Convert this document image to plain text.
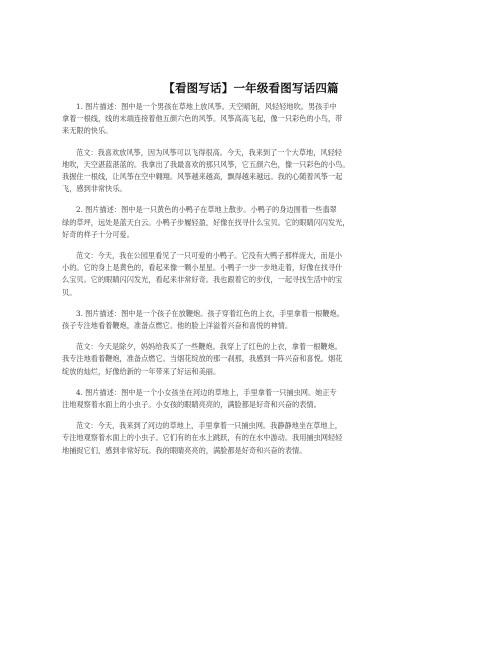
【看图写话】一年级看图写话四篇
1. 图片描述：图中是一个男孩在草地上放风筝。天空晴朗，风轻轻地吹。男孩手中
拿着一根线，线的末端连接着他五颜六色的风筝。风筝高高飞起，像一只彩色的小鸟，带
来无限的快乐。
范文：我喜欢放风筝，因为风筝可以飞得很高。今天，我来到了一个大草地，风轻轻
地吹，天空湛蓝湛蓝的。我拿出了我最喜欢的那只风筝，它五颜六色，像一只彩色的小鸟。
我握住一根线，让风筝在空中翱翔。风筝越来越高，飘得越来越远。我的心随着风筝一起
飞，感到非常快乐。
2. 图片描述：图中是一只黄色的小鸭子在草地上散步。小鸭子的身边围着一些翡翠
绿的草坪，远处是蓝天白云。小鸭子步履轻盈，好像在找寻什么宝贝。它的眼睛闪闪发光，
好奇的样子十分可爱。
范文：今天，我在公园里看见了一只可爱的小鸭子。它没有大鸭子那样庞大，而是小
小的。它的身上是黄色的，看起来像一颗小星星。小鸭子一步一步地走着，好像在找寻什
么宝贝。它的眼睛闪闪发光，看起来非常好奇。我也跟着它的步伐，一起寻找生活中的宝
贝。
3. 图片描述：图中是一个孩子在放鞭炮。孩子穿着红色的上衣，手里拿着一根鞭炮。
孩子专注地看着鞭炮，准备点燃它。他的脸上洋溢着兴奋和喜悦的神情。
范文：今天是除夕，妈妈给我买了一些鞭炮。我穿上了红色的上衣，拿着一根鞭炮。
我专注地看着鞭炮，准备点燃它。当烟花绽放的那一刹那，我感到一阵兴奋和喜悦。烟花
绽放的灿烂，好像给新的一年带来了好运和美丽。
4. 图片描述：图中是一个小女孩坐在河边的草地上，手里拿着一只捕虫网。她正专
注地观察着水面上的小虫子。小女孩的眼睛亮亮的，满脸都是好奇和兴奋的表情。
范文：今天，我来到了河边的草地上，手里拿着一只捕虫网。我静静地坐在草地上，
专注地观察着水面上的小虫子。它们有的在水上跳跃，有的在水中游动。我用捕虫网轻轻
地捕捉它们，感到非常好玩。我的眼睛亮亮的，满脸都是好奇和兴奋的表情。
